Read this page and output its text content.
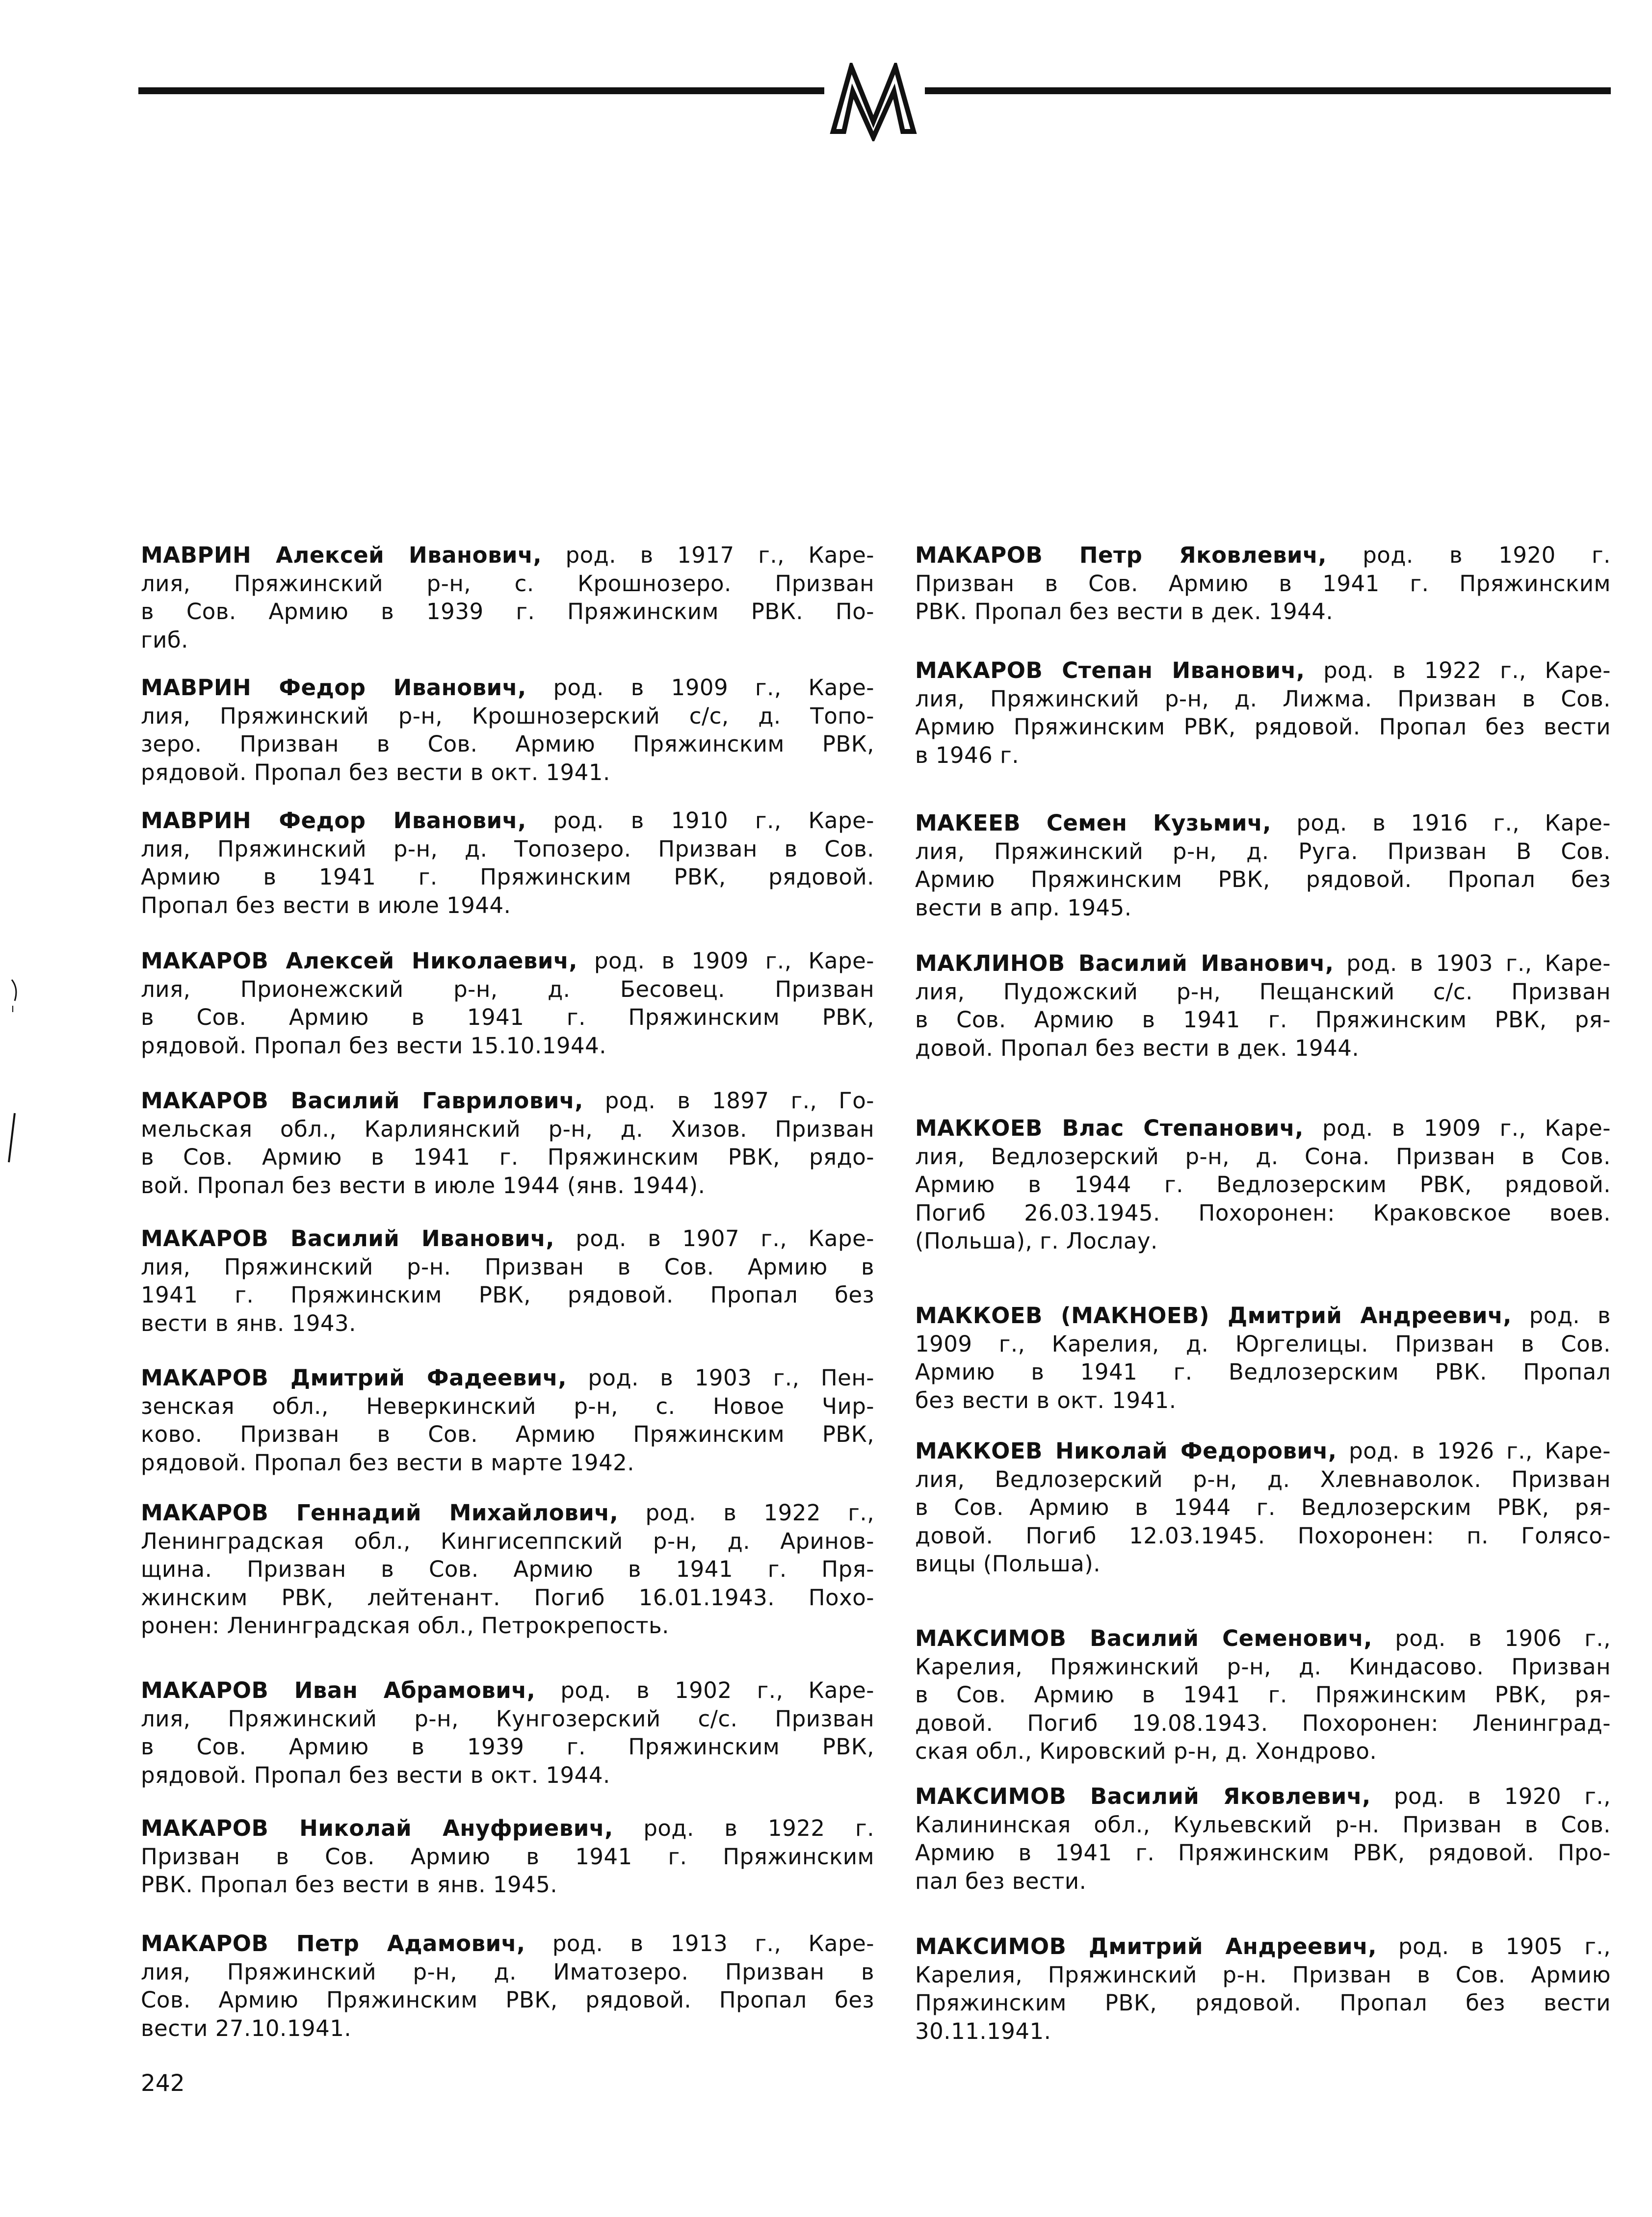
МАВРИН Алексей Иванович, род. в 1917 г., Каре-
лия, Пряжинский р-н, с. Крошнозеро. Призван
в Сов. Армию в 1939 г. Пряжинским РВК. По-
гиб.
МАВРИН Федор Иванович, род. в 1909 г., Каре-
лия, Пряжинский р-н, Крошнозерский с/с, д. Топо-
зеро. Призван в Сов. Армию Пряжинским РВК,
рядовой. Пропал без вести в окт. 1941.
МАВРИН Федор Иванович, род. в 1910 г., Каре-
лия, Пряжинский р-н, д. Топозеро. Призван в Сов.
Армию в 1941 г. Пряжинским РВК, рядовой.
Пропал без вести в июле 1944.
МАКАРОВ Алексей Николаевич, род. в 1909 г., Каре-
лия, Прионежский р-н, д. Бесовец. Призван
в Сов. Армию в 1941 г. Пряжинским РВК,
рядовой. Пропал без вести 15.10.1944.
МАКАРОВ Василий Гаврилович, род. в 1897 г., Го-
мельская обл., Карлиянский р-н, д. Хизов. Призван
в Сов. Армию в 1941 г. Пряжинским РВК, рядо-
вой. Пропал без вести в июле 1944 (янв. 1944).
МАКАРОВ Василий Иванович, род. в 1907 г., Каре-
лия, Пряжинский р-н. Призван в Сов. Армию в
1941 г. Пряжинским РВК, рядовой. Пропал без
вести в янв. 1943.
МАКАРОВ Дмитрий Фадеевич, род. в 1903 г., Пен-
зенская обл., Неверкинский р-н, с. Новое Чир-
ково. Призван в Сов. Армию Пряжинским РВК,
рядовой. Пропал без вести в марте 1942.
МАКАРОВ Геннадий Михайлович, род. в 1922 г.,
Ленинградская обл., Кингисеппский р-н, д. Аринов-
щина. Призван в Сов. Армию в 1941 г. Пря-
жинским РВК, лейтенант. Погиб 16.01.1943. Похо-
ронен: Ленинградская обл., Петрокрепость.
МАКАРОВ Иван Абрамович, род. в 1902 г., Каре-
лия, Пряжинский р-н, Кунгозерский с/с. Призван
в Сов. Армию в 1939 г. Пряжинским РВК,
рядовой. Пропал без вести в окт. 1944.
МАКАРОВ Николай Ануфриевич, род. в 1922 г.
Призван в Сов. Армию в 1941 г. Пряжинским
РВК. Пропал без вести в янв. 1945.
МАКАРОВ Петр Адамович, род. в 1913 г., Каре-
лия, Пряжинский р-н, д. Иматозеро. Призван в
Сов. Армию Пряжинским РВК, рядовой. Пропал без
вести 27.10.1941.
МАКАРОВ Петр Яковлевич, род. в 1920 г.
Призван в Сов. Армию в 1941 г. Пряжинским
РВК. Пропал без вести в дек. 1944.
МАКАРОВ Степан Иванович, род. в 1922 г., Каре-
лия, Пряжинский р-н, д. Лижма. Призван в Сов.
Армию Пряжинским РВК, рядовой. Пропал без вести
в 1946 г.
МАКЕЕВ Семен Кузьмич, род. в 1916 г., Каре-
лия, Пряжинский р-н, д. Руга. Призван В Сов.
Армию Пряжинским РВК, рядовой. Пропал без
вести в апр. 1945.
МАКЛИНОВ Василий Иванович, род. в 1903 г., Каре-
лия, Пудожский р-н, Пещанский с/с. Призван
в Сов. Армию в 1941 г. Пряжинским РВК, ря-
довой. Пропал без вести в дек. 1944.
МАККОЕВ Влас Степанович, род. в 1909 г., Каре-
лия, Ведлозерский р-н, д. Сона. Призван в Сов.
Армию в 1944 г. Ведлозерским РВК, рядовой.
Погиб 26.03.1945. Похоронен: Краковское воев.
(Польша), г. Лослау.
МАККОЕВ (МАКНОЕВ) Дмитрий Андреевич, род. в
1909 г., Карелия, д. Юргелицы. Призван в Сов.
Армию в 1941 г. Ведлозерским РВК. Пропал
без вести в окт. 1941.
МАККОЕВ Николай Федорович, род. в 1926 г., Каре-
лия, Ведлозерский р-н, д. Хлевнаволок. Призван
в Сов. Армию в 1944 г. Ведлозерским РВК, ря-
довой. Погиб 12.03.1945. Похоронен: п. Голясо-
вицы (Польша).
МАКСИМОВ Василий Семенович, род. в 1906 г.,
Карелия, Пряжинский р-н, д. Киндасово. Призван
в Сов. Армию в 1941 г. Пряжинским РВК, ря-
довой. Погиб 19.08.1943. Похоронен: Ленинград-
ская обл., Кировский р-н, д. Хондрово.
МАКСИМОВ Василий Яковлевич, род. в 1920 г.,
Калининская обл., Кульевский р-н. Призван в Сов.
Армию в 1941 г. Пряжинским РВК, рядовой. Про-
пал без вести.
МАКСИМОВ Дмитрий Андреевич, род. в 1905 г.,
Карелия, Пряжинский р-н. Призван в Сов. Армию
Пряжинским РВК, рядовой. Пропал без вести
30.11.1941.
242
